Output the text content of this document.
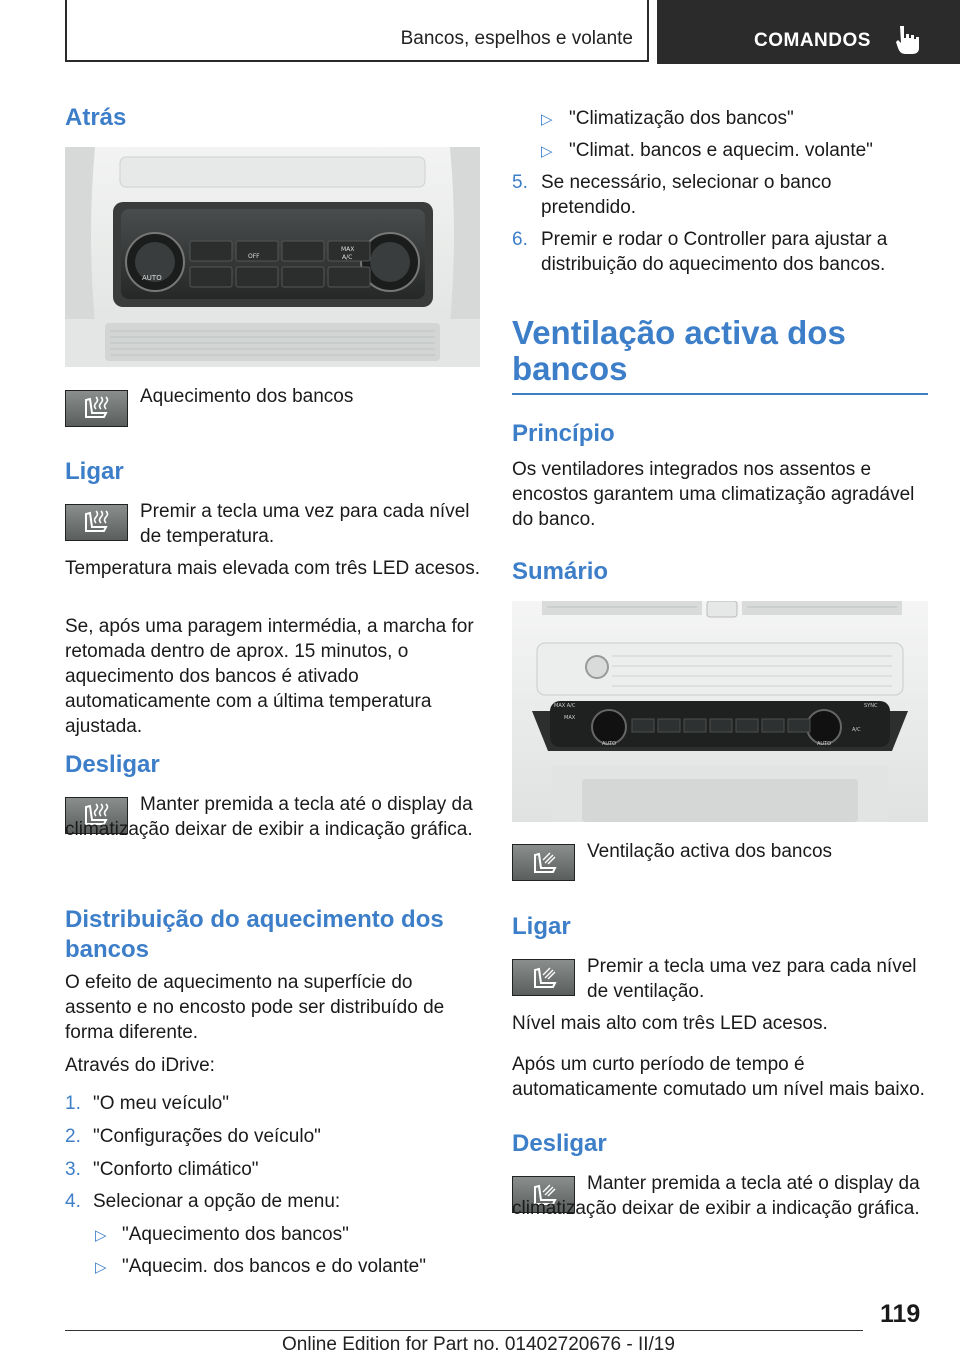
Bancos, espelhos e volante	COMANDOS
Atrás
AUTO
OFF
MAX
A/C

Aquecimento dos bancos

Ligar

Premir a tecla uma vez para cada nível de temperatura.

Temperatura mais elevada com três LED acesos.

Se, após uma paragem intermédia, a marcha for retomada dentro de aprox. 15 minutos, o aquecimento dos bancos é ativado automaticamente com a última temperatura ajustada.

Desligar

Manter premida a tecla até o display da climatização deixar de exibir a indicação gráfica.

Distribuição do aquecimento dos bancos

O efeito de aquecimento na superfície do assento e no encosto pode ser distribuído de forma diferente.

Através do iDrive:

1. "O meu veículo"

2. "Configurações do veículo"

3. "Conforto climático"

4. Selecionar a opção de menu:

▷ "Aquecimento dos bancos"

▷ "Aquecim. dos bancos e do volante"

▷ "Climatização dos bancos"

▷ "Climat. bancos e aquecim. volante"

5. Se necessário, selecionar o banco pretendido.

6. Premir e rodar o Controller para ajustar a distribuição do aquecimento dos bancos.

Ventilação activa dos bancos
Princípio

Os ventiladores integrados nos assentos e encostos garantem uma climatização agradável do banco.

Sumário
MAX A/C
MAX
AUTO
SYNC
A/C
AUTO

Ventilação activa dos bancos

Ligar

Premir a tecla uma vez para cada nível de ventilação.

Nível mais alto com três LED acesos.

Após um curto período de tempo é automaticamente comutado um nível mais baixo.

Desligar

Manter premida a tecla até o display da climatização deixar de exibir a indicação gráfica.

119
Online Edition for Part no. 01402720676 - II/19
